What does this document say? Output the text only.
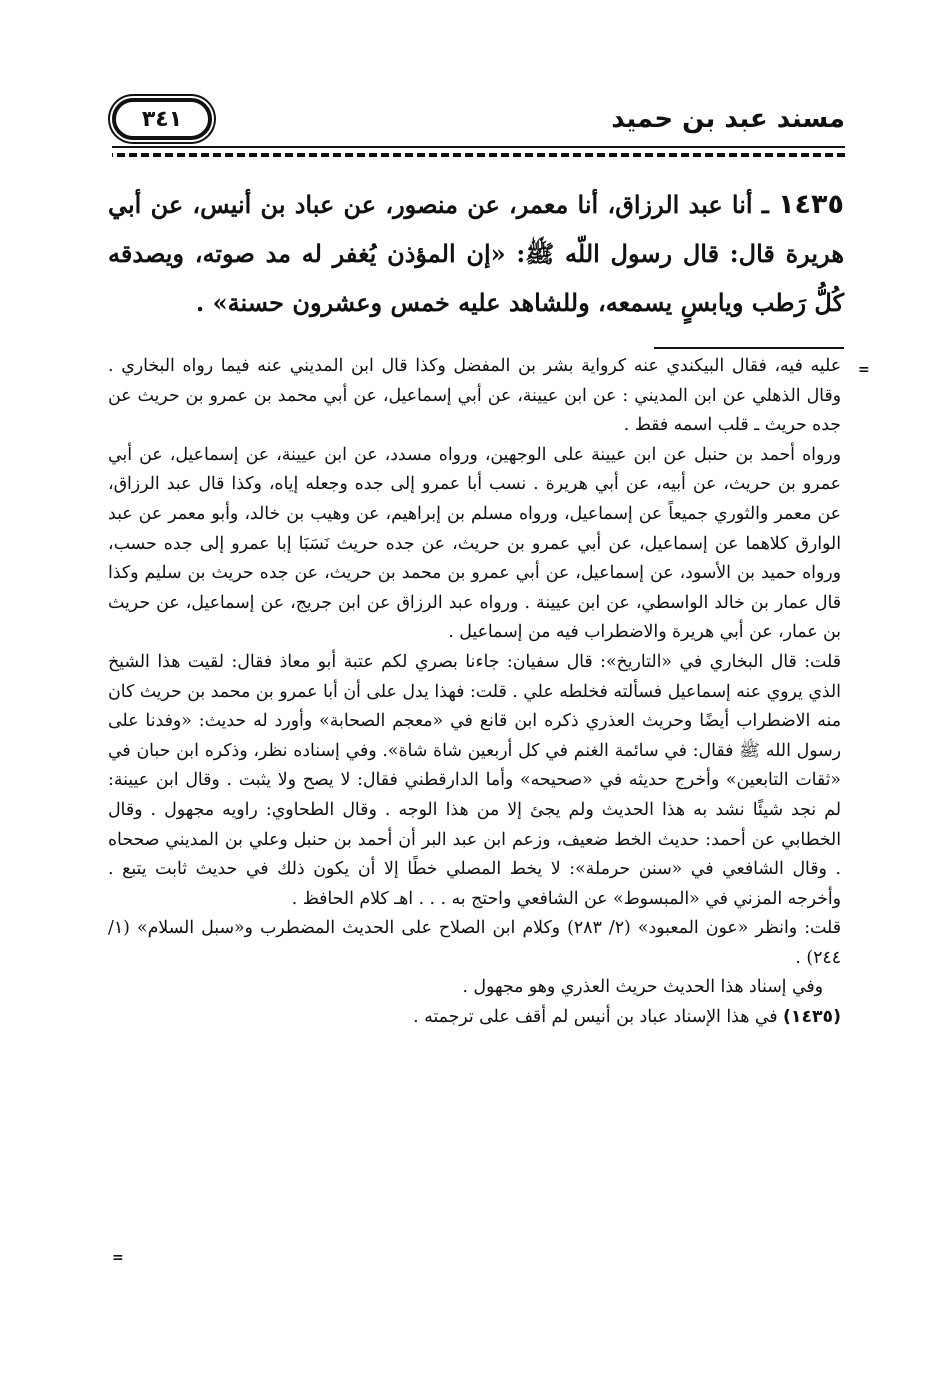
مسند عبد بن حميد
٣٤١
١٤٣٥ ـ أنا عبد الرزاق، أنا معمر، عن منصور، عن عباد بن أنيس، عن أبي هريرة قال: قال رسول اللّه ﷺ: «إن المؤذن يُغفر له مد صوته، ويصدقه كُلُّ رَطب ويابسٍ يسمعه، وللشاهد عليه خمس وعشرون حسنة» .
=

عليه فيه، فقال البيكندي عنه كرواية بشر بن المفضل وكذا قال ابن المديني عنه فيما رواه البخاري . وقال الذهلي عن ابن المديني : عن ابن عيينة، عن أبي إسماعيل، عن أبي محمد بن عمرو بن حريث عن جده حريث ـ قلب اسمه فقط .

ورواه أحمد بن حنبل عن ابن عيينة على الوجهين، ورواه مسدد، عن ابن عيينة، عن إسماعيل، عن أبي عمرو بن حريث، عن أبيه، عن أبي هريرة . نسب أبا عمرو إلى جده وجعله إياه، وكذا قال عبد الرزاق، عن معمر والثوري جميعاً عن إسماعيل، ورواه مسلم بن إبراهيم، عن وهيب بن خالد، وأبو معمر عن عبد الوارق كلاهما عن إسماعيل، عن أبي عمرو بن حريث، عن جده حريث نَسَبَا إبا عمرو إلى جده حسب، ورواه حميد بن الأسود، عن إسماعيل، عن أبي عمرو بن محمد بن حريث، عن جده حريث بن سليم وكذا قال عمار بن خالد الواسطي، عن ابن عيينة . ورواه عبد الرزاق عن ابن جريج، عن إسماعيل، عن حريث بن عمار، عن أبي هريرة والاضطراب فيه من إسماعيل .

قلت: قال البخاري في «التاريخ»: قال سفيان: جاءنا بصري لكم عتبة أبو معاذ فقال: لقيت هذا الشيخ الذي يروي عنه إسماعيل فسألته فخلطه علي . قلت: فهذا يدل على أن أبا عمرو بن محمد بن حريث كان منه الاضطراب أيضًا وحريث العذري ذكره ابن قانع في «معجم الصحابة» وأورد له حديث: «وفدنا على رسول الله ﷺ فقال: في سائمة الغنم في كل أربعين شاة شاة». وفي إسناده نظر، وذكره ابن حبان في «ثقات التابعين» وأخرج حديثه في «صحيحه» وأما الدارقطني فقال: لا يصح ولا يثبت . وقال ابن عيينة: لم نجد شيئًا نشد به هذا الحديث ولم يجئ إلا من هذا الوجه . وقال الطحاوي: راويه مجهول . وقال الخطابي عن أحمد: حديث الخط ضعيف، وزعم ابن عبد البر أن أحمد بن حنبل وعلي بن المديني صححاه . وقال الشافعي في «سنن حرملة»: لا يخط المصلي خطًا إلا أن يكون ذلك في حديث ثابت يتبع . وأخرجه المزني في «المبسوط» عن الشافعي واحتج به . . . اهـ كلام الحافظ .

قلت: وانظر «عون المعبود» (٢/ ٢٨٣) وكلام ابن الصلاح على الحديث المضطرب و«سبل السلام» (١/ ٢٤٤) .

وفي إسناد هذا الحديث حريث العذري وهو مجهول .

(١٤٣٥) في هذا الإسناد عباد بن أنيس لم أقف على ترجمته .

=
